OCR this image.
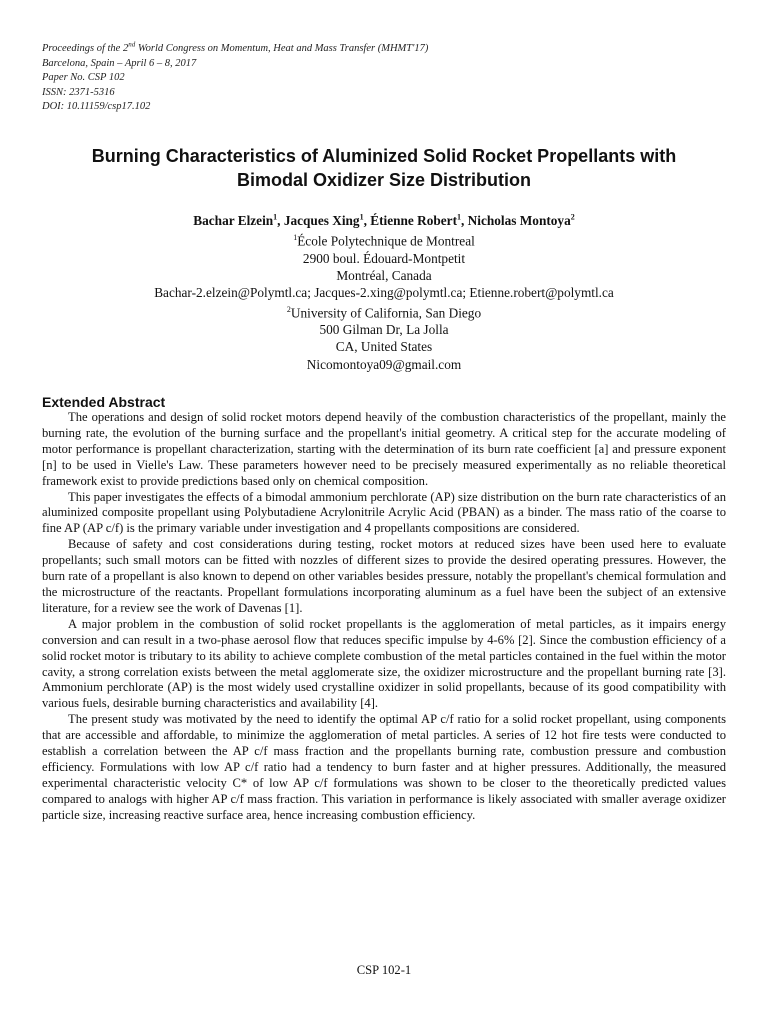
Proceedings of the 2nd World Congress on Momentum, Heat and Mass Transfer (MHMT'17)
Barcelona, Spain – April 6 – 8, 2017
Paper No. CSP 102
ISSN: 2371-5316
DOI: 10.11159/csp17.102
Burning Characteristics of Aluminized Solid Rocket Propellants with
Bimodal Oxidizer Size Distribution
Bachar Elzein$^1$, Jacques Xing$^1$, Étienne Robert$^1$, Nicholas Montoya$^2$
$^1$École Polytechnique de Montreal
2900 boul. Édouard-Montpetit
Montréal, Canada
Bachar-2.elzein@Polymtl.ca; Jacques-2.xing@polymtl.ca; Etienne.robert@polymtl.ca
$^2$University of California, San Diego
500 Gilman Dr, La Jolla
CA, United States
Nicomontoya09@gmail.com
Extended Abstract

The operations and design of solid rocket motors depend heavily of the combustion characteristics of the propellant, mainly the burning rate, the evolution of the burning surface and the propellant's initial geometry. A critical step for the accurate modeling of motor performance is propellant characterization, starting with the determination of its burn rate coefficient [a] and pressure exponent [n] to be used in Vielle's Law. These parameters however need to be precisely measured experimentally as no reliable theoretical framework exist to provide predictions based only on chemical composition.

This paper investigates the effects of a bimodal ammonium perchlorate (AP) size distribution on the burn rate characteristics of an aluminized composite propellant using Polybutadiene Acrylonitrile Acrylic Acid (PBAN) as a binder. The mass ratio of the coarse to fine AP (AP c/f) is the primary variable under investigation and 4 propellants compositions are considered.

Because of safety and cost considerations during testing, rocket motors at reduced sizes have been used here to evaluate propellants; such small motors can be fitted with nozzles of different sizes to provide the desired operating pressures. However, the burn rate of a propellant is also known to depend on other variables besides pressure, notably the propellant's chemical formulation and the microstructure of the reactants. Propellant formulations incorporating aluminum as a fuel have been the subject of an extensive literature, for a review see the work of Davenas [1].

A major problem in the combustion of solid rocket propellants is the agglomeration of metal particles, as it impairs energy conversion and can result in a two-phase aerosol flow that reduces specific impulse by 4-6% [2]. Since the combustion efficiency of a solid rocket motor is tributary to its ability to achieve complete combustion of the metal particles contained in the fuel within the motor cavity, a strong correlation exists between the metal agglomerate size, the oxidizer microstructure and the propellant burning rate [3]. Ammonium perchlorate (AP) is the most widely used crystalline oxidizer in solid propellants, because of its good compatibility with various fuels, desirable burning characteristics and availability [4].

The present study was motivated by the need to identify the optimal AP c/f ratio for a solid rocket propellant, using components that are accessible and affordable, to minimize the agglomeration of metal particles. A series of 12 hot fire tests were conducted to establish a correlation between the AP c/f mass fraction and the propellants burning rate, combustion pressure and combustion efficiency. Formulations with low AP c/f ratio had a tendency to burn faster and at higher pressures. Additionally, the measured experimental characteristic velocity C* of low AP c/f formulations was shown to be closer to the theoretically predicted values compared to analogs with higher AP c/f mass fraction. This variation in performance is likely associated with smaller average oxidizer particle size, increasing reactive surface area, hence increasing combustion efficiency.

CSP 102-1
